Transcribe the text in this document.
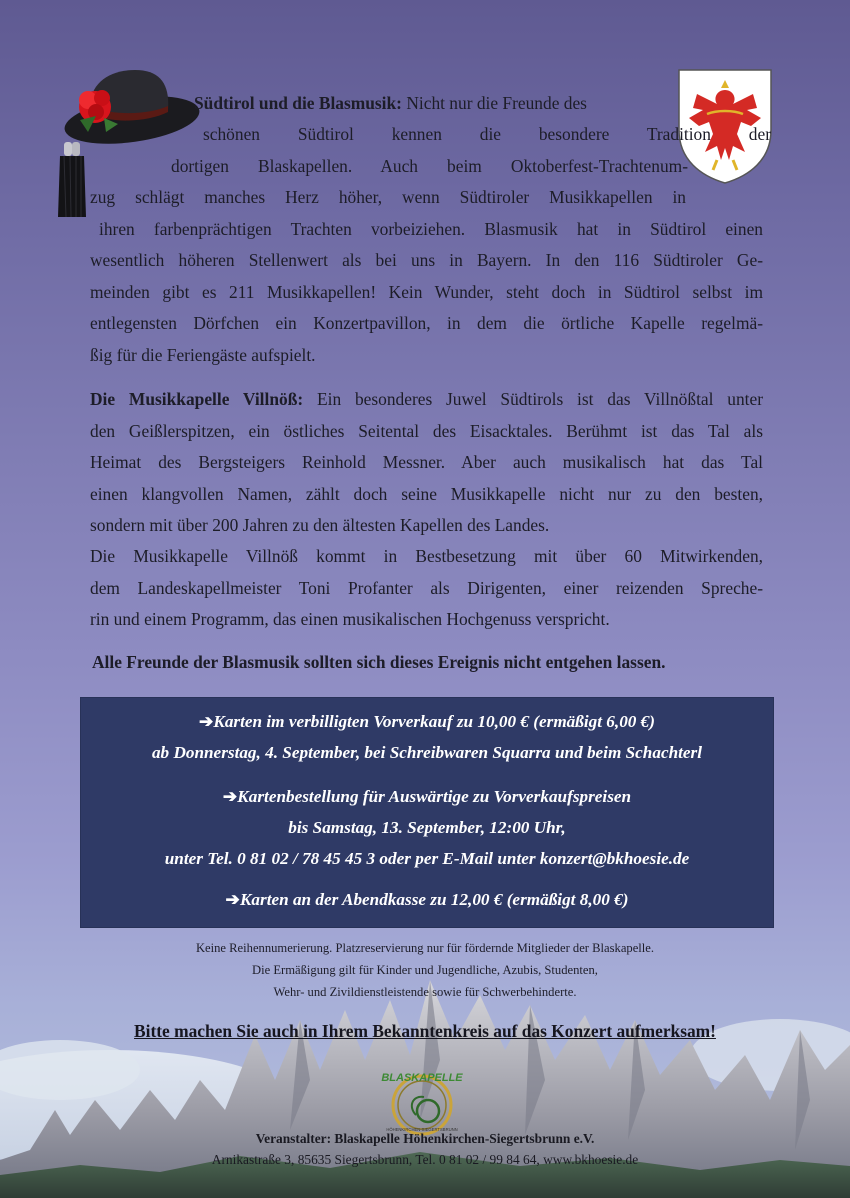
Südtirol und die Blasmusik: Nicht nur die Freunde des
schönen Südtirol kennen die besondere Tradition der
dortigen Blaskapellen. Auch beim Oktoberfest-Trachtenum-
zug schlägt manches Herz höher, wenn Südtiroler Musikkapellen in
ihren farbenprächtigen Trachten vorbeiziehen. Blasmusik hat in Südtirol einen
wesentlich höheren Stellenwert als bei uns in Bayern. In den 116 Südtiroler Ge-
meinden gibt es 211 Musikkapellen! Kein Wunder, steht doch in Südtirol selbst im
entlegensten Dörfchen ein Konzertpavillon, in dem die örtliche Kapelle regelmä-
ßig für die Feriengäste aufspielt.
Die Musikkapelle Villnöß: Ein besonderes Juwel Südtirols ist das Villnößtal unter
den Geißlerspitzen, ein östliches Seitental des Eisacktales. Berühmt ist das Tal als
Heimat des Bergsteigers Reinhold Messner. Aber auch musikalisch hat das Tal
einen klangvollen Namen, zählt doch seine Musikkapelle nicht nur zu den besten,
sondern mit über 200 Jahren zu den ältesten Kapellen des Landes.
Die Musikkapelle Villnöß kommt in Bestbesetzung mit über 60 Mitwirkenden,
dem Landeskapellmeister Toni Profanter als Dirigenten, einer reizenden Spreche-
rin und einem Programm, das einen musikalischen Hochgenuss verspricht.
Alle Freunde der Blasmusik sollten sich dieses Ereignis nicht entgehen lassen.
➔Karten im verbilligten Vorverkauf zu 10,00 € (ermäßigt 6,00 €)
ab Donnerstag, 4. September, bei Schreibwaren Squarra und beim Schachterl
➔Kartenbestellung für Auswärtige zu Vorverkaufspreisen
bis Samstag, 13. September, 12:00 Uhr,
unter Tel. 0 81 02 / 78 45 45 3 oder per E-Mail unter konzert@bkhoesie.de
➔Karten an der Abendkasse zu 12,00 € (ermäßigt 8,00 €)
Keine Reihennumerierung. Platzreservierung nur für fördernde Mitglieder der Blaskapelle.
Die Ermäßigung gilt für Kinder und Jugendliche, Azubis, Studenten,
Wehr- und Zivildienstleistende sowie für Schwerbehinderte.
Bitte machen Sie auch in Ihrem Bekanntenkreis auf das Konzert aufmerksam!
BLASKAPELLE
HÖHENKIRCHEN-SIEGERTSBRUNN
Veranstalter: Blaskapelle Höhenkirchen-Siegertsbrunn e.V.
Arnikastraße 3, 85635 Siegertsbrunn, Tel. 0 81 02 / 99 84 64, www.bkhoesie.de
